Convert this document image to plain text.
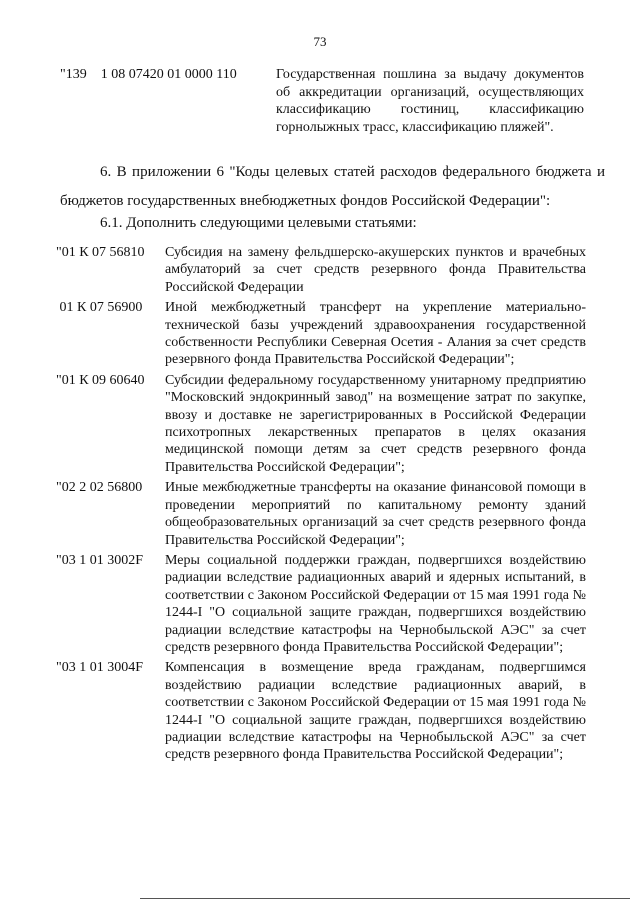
73
"139    1 08 07420 01 0000 110	Государственная пошлина за выдачу документов об аккредитации организаций, осуществляющих классификацию гостиниц, классификацию горнолыжных трасс, классификацию пляжей".
6. В приложении 6 "Коды целевых статей расходов федерального бюджета и бюджетов государственных внебюджетных фондов Российской Федерации":
6.1. Дополнить следующими целевыми статьями:
"01 К 07 56810	Субсидия на замену фельдшерско-акушерских пунктов и врачебных амбулаторий за счет средств резервного фонда Правительства Российской Федерации
01 К 07 56900	Иной межбюджетный трансферт на укрепление материально-технической базы учреждений здравоохранения государственной собственности Республики Северная Осетия - Алания за счет средств резервного фонда Правительства Российской Федерации";
"01 К 09 60640	Субсидии федеральному государственному унитарному предприятию "Московский эндокринный завод" на возмещение затрат по закупке, ввозу и доставке не зарегистрированных в Российской Федерации психотропных лекарственных препаратов в целях оказания медицинской помощи детям за счет средств резервного фонда Правительства Российской Федерации";
"02 2 02 56800	Иные межбюджетные трансферты на оказание финансовой помощи в проведении мероприятий по капитальному ремонту зданий общеобразовательных организаций за счет средств резервного фонда Правительства Российской Федерации";
"03 1 01 3002F	Меры социальной поддержки граждан, подвергшихся воздействию радиации вследствие радиационных аварий и ядерных испытаний, в соответствии с Законом Российской Федерации от 15 мая 1991 года № 1244-I "О социальной защите граждан, подвергшихся воздействию радиации вследствие катастрофы на Чернобыльской АЭС" за счет средств резервного фонда Правительства Российской Федерации";
"03 1 01 3004F	Компенсация в возмещение вреда гражданам, подвергшимся воздействию радиации вследствие радиационных аварий, в соответствии с Законом Российской Федерации от 15 мая 1991 года № 1244-I "О социальной защите граждан, подвергшихся воздействию радиации вследствие катастрофы на Чернобыльской АЭС" за счет средств резервного фонда Правительства Российской Федерации";
